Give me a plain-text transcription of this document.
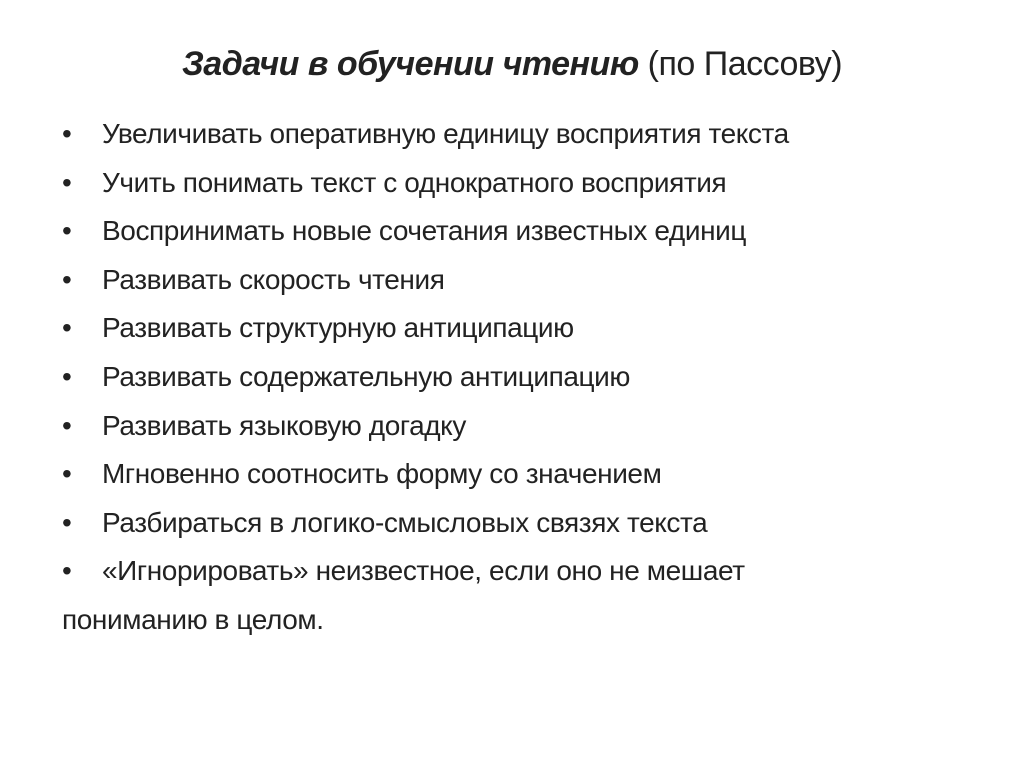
Задачи в обучении чтению (по Пассову)
•	Увеличивать оперативную единицу восприятия текста
•	Учить понимать текст с однократного восприятия
•	Воспринимать новые сочетания известных единиц
•	Развивать скорость чтения
•	Развивать структурную антиципацию
•	Развивать содержательную антиципацию
•	Развивать языковую догадку
•	Мгновенно соотносить форму со значением
•	Разбираться в логико-смысловых связях текста
•	«Игнорировать» неизвестное, если оно не мешает
пониманию в целом.
